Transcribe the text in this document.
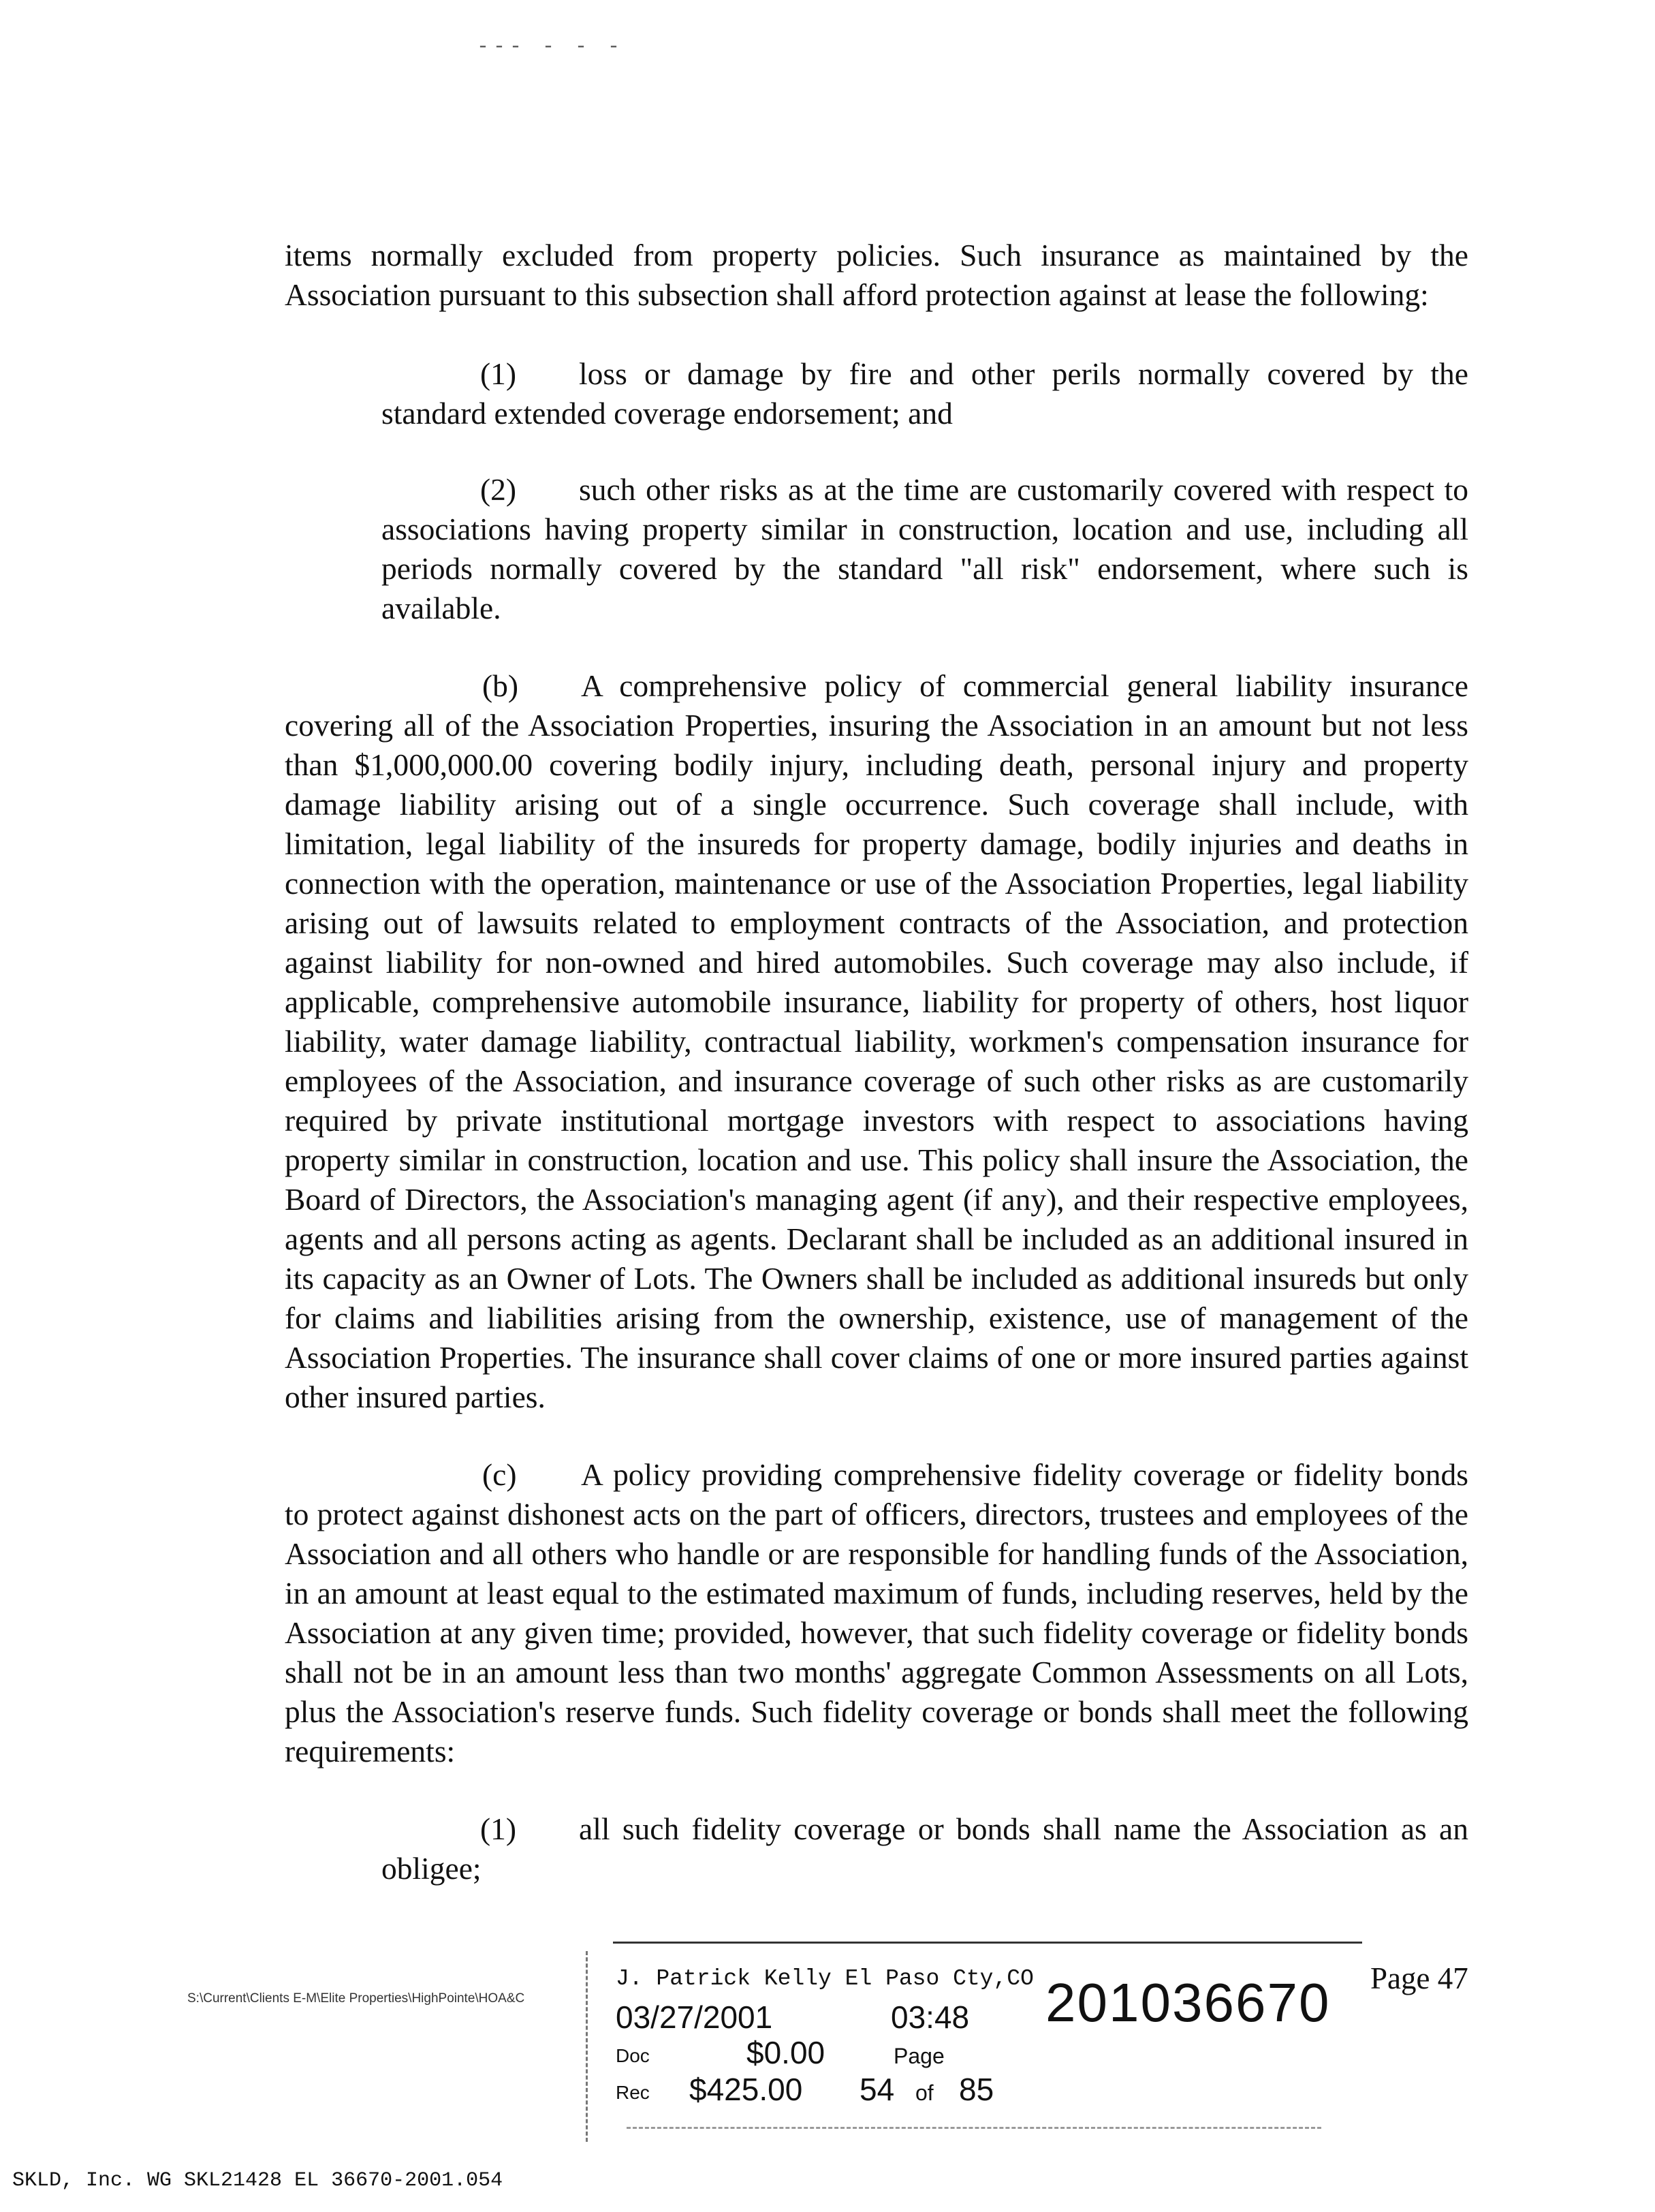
--- - - -

items normally excluded from property policies. Such insurance as maintained by the Association pursuant to this subsection shall afford protection against at lease the following:

(1) loss or damage by fire and other perils normally covered by the standard extended coverage endorsement; and

(2) such other risks as at the time are customarily covered with respect to associations having property similar in construction, location and use, including all periods normally covered by the standard "all risk" endorsement, where such is available.

(b) A comprehensive policy of commercial general liability insurance covering all of the Association Properties, insuring the Association in an amount but not less than $1,000,000.00 covering bodily injury, including death, personal injury and property damage liability arising out of a single occurrence. Such coverage shall include, with limitation, legal liability of the insureds for property damage, bodily injuries and deaths in connection with the operation, maintenance or use of the Association Properties, legal liability arising out of lawsuits related to employment contracts of the Association, and protection against liability for non-owned and hired automobiles. Such coverage may also include, if applicable, comprehensive automobile insurance, liability for property of others, host liquor liability, water damage liability, contractual liability, workmen's compensation insurance for employees of the Association, and insurance coverage of such other risks as are customarily required by private institutional mortgage investors with respect to associations having property similar in construction, location and use. This policy shall insure the Association, the Board of Directors, the Association's managing agent (if any), and their respective employees, agents and all persons acting as agents. Declarant shall be included as an additional insured in its capacity as an Owner of Lots. The Owners shall be included as additional insureds but only for claims and liabilities arising from the ownership, existence, use of management of the Association Properties. The insurance shall cover claims of one or more insured parties against other insured parties.

(c) A policy providing comprehensive fidelity coverage or fidelity bonds to protect against dishonest acts on the part of officers, directors, trustees and employees of the Association and all others who handle or are responsible for handling funds of the Association, in an amount at least equal to the estimated maximum of funds, including reserves, held by the Association at any given time; provided, however, that such fidelity coverage or fidelity bonds shall not be in an amount less than two months' aggregate Common Assessments on all Lots, plus the Association's reserve funds. Such fidelity coverage or bonds shall meet the following requirements:

(1) all such fidelity coverage or bonds shall name the Association as an obligee;

S:\Current\Clients E-M\Elite Properties\HighPointe\HOA&C
Page 47
J. Patrick Kelly El Paso Cty,CO
03/27/2001	03:48 201036670
Doc	$0.00	Page
Rec $425.00 54 of 85
SKLD, Inc. WG SKL21428 EL 36670-2001.054
